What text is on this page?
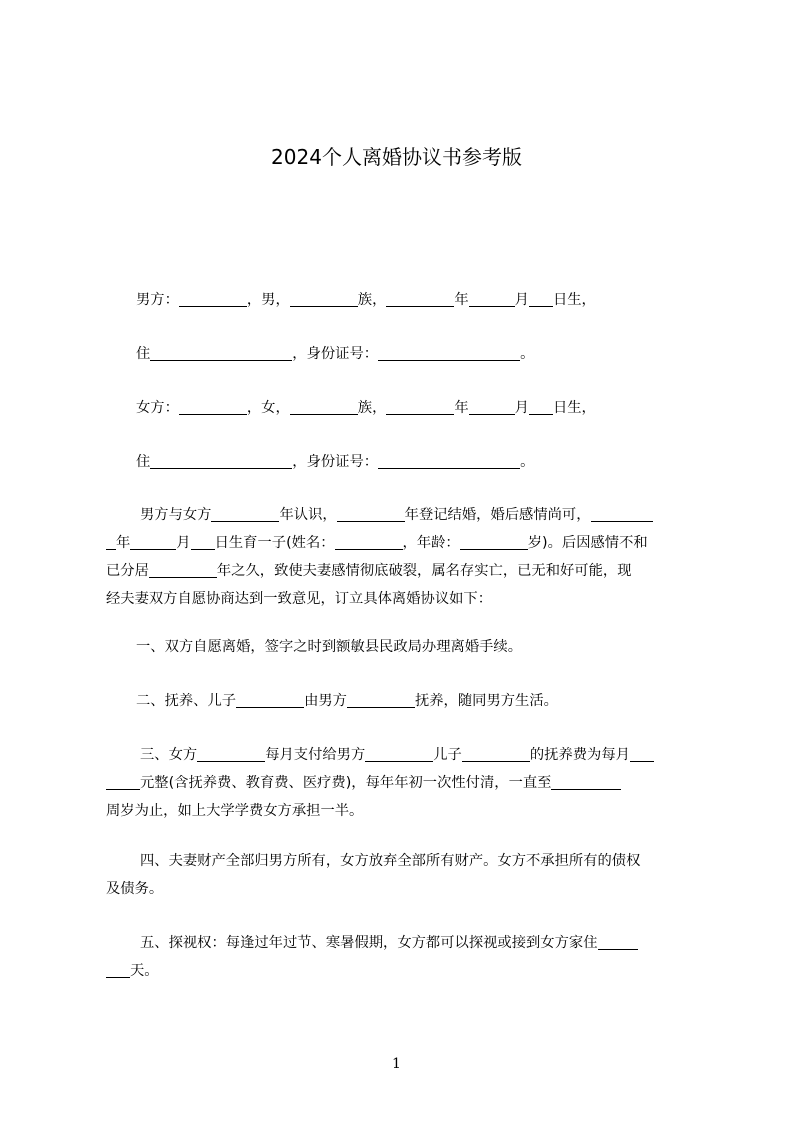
2024个人离婚协议书参考版
男方：	，男，	族，	年	月 日生，
住	，身份证号：	。
女方：	，女，	族，	年	月 日生，
住	，身份证号：	。
男方与女方	年认识，	年登记结婚，婚后感情尚可，
年	月 日生育一子(姓名：	，年龄：	岁)。后因感情不和
已分居	年之久，致使夫妻感情彻底破裂，属名存实亡，已无和好可能，现
经夫妻双方自愿协商达到一致意见，订立具体离婚协议如下：
一、双方自愿离婚，签字之时到额敏县民政局办理离婚手续。
二、抚养、儿子	由男方	抚养，随同男方生活。
三、女方	每月支付给男方	儿子	的抚养费为每月
元整(含抚养费、教育费、医疗费)，每年年初一次性付清，一直至
周岁为止，如上大学学费女方承担一半。
四、夫妻财产全部归男方所有，女方放弃全部所有财产。女方不承担所有的债权
及债务。
五、探视权：每逢过年过节、寒暑假期，女方都可以探视或接到女方家住
天。
1
